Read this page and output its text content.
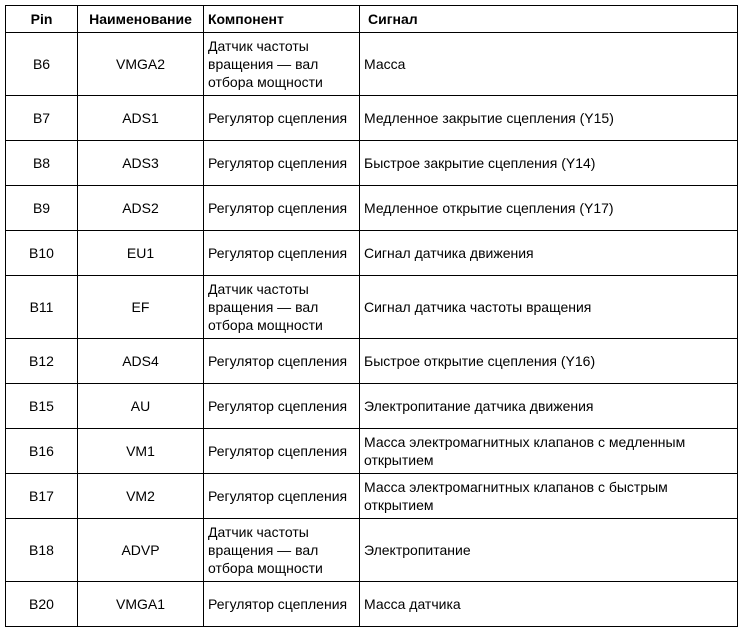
Pin	Наименование	Компонент	Сигнал
B6	VMGA2	Датчик частоты вращения — вал отбора мощности	Масса
B7	ADS1	Регулятор сцепления	Медленное закрытие сцепления (Y15)
B8	ADS3	Регулятор сцепления	Быстрое закрытие сцепления (Y14)
B9	ADS2	Регулятор сцепления	Медленное открытие сцепления (Y17)
B10	EU1	Регулятор сцепления	Сигнал датчика движения
B11	EF	Датчик частоты вращения — вал отбора мощности	Сигнал датчика частоты вращения
B12	ADS4	Регулятор сцепления	Быстрое открытие сцепления (Y16)
B15	AU	Регулятор сцепления	Электропитание датчика движения
B16	VM1	Регулятор сцепления	Масса электромагнитных клапанов с медленным открытием
B17	VM2	Регулятор сцепления	Масса электромагнитных клапанов с быстрым открытием
B18	ADVP	Датчик частоты вращения — вал отбора мощности	Электропитание
B20	VMGA1	Регулятор сцепления	Масса датчика
